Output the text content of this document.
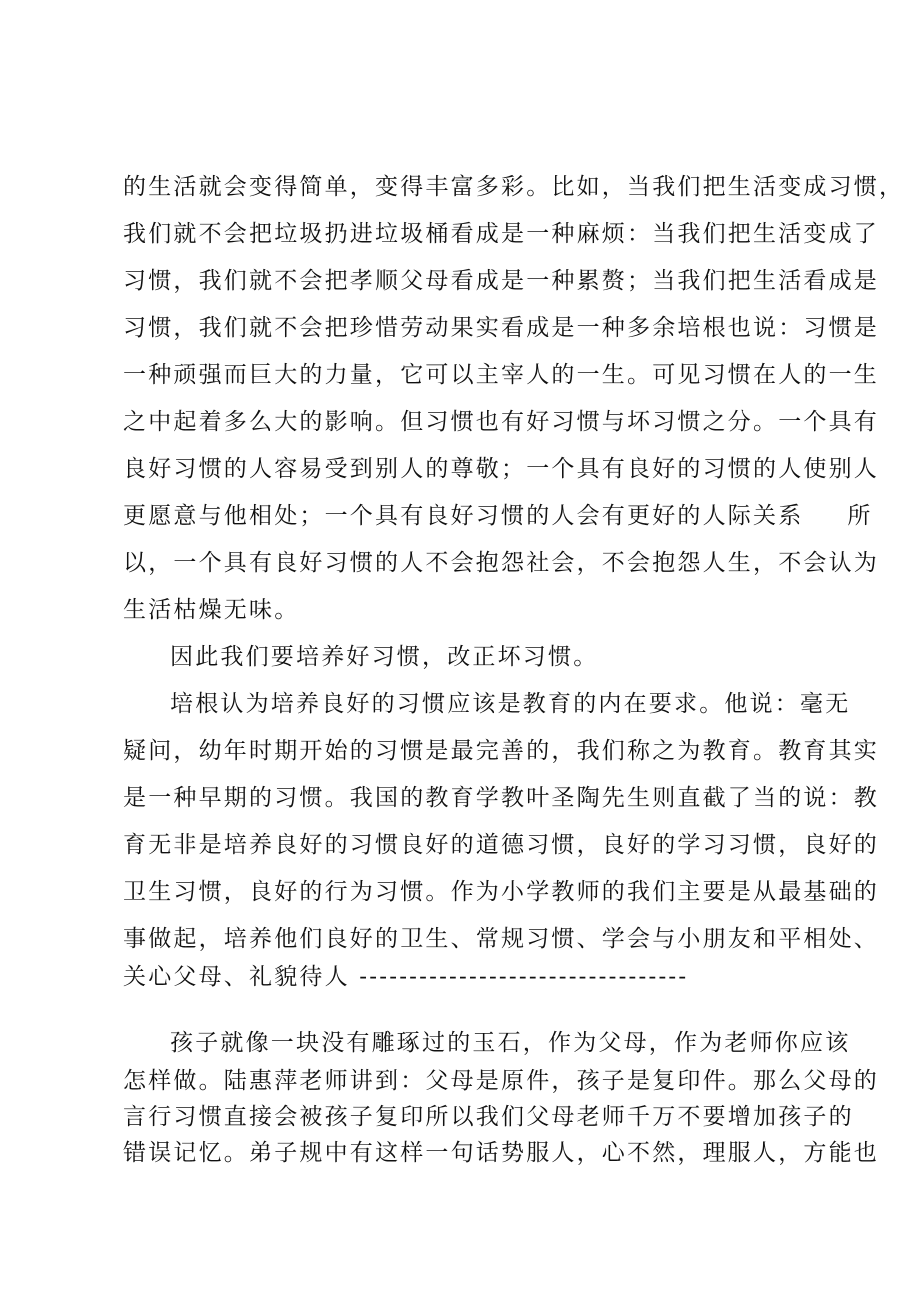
的生活就会变得简单，变得丰富多彩。比如，当我们把生活变成习惯，
我们就不会把垃圾扔进垃圾桶看成是一种麻烦：当我们把生活变成了
习惯，我们就不会把孝顺父母看成是一种累赘；当我们把生活看成是
习惯，我们就不会把珍惜劳动果实看成是一种多余培根也说：习惯是
一种顽强而巨大的力量，它可以主宰人的一生。可见习惯在人的一生
之中起着多么大的影响。但习惯也有好习惯与坏习惯之分。一个具有
良好习惯的人容易受到别人的尊敬；一个具有良好的习惯的人使别人
更愿意与他相处；一个具有良好习惯的人会有更好的人际关系 所
以，一个具有良好习惯的人不会抱怨社会，不会抱怨人生，不会认为
生活枯燥无味。
因此我们要培养好习惯，改正坏习惯。
培根认为培养良好的习惯应该是教育的内在要求。他说：毫无
疑问，幼年时期开始的习惯是最完善的，我们称之为教育。教育其实
是一种早期的习惯。我国的教育学教叶圣陶先生则直截了当的说：教
育无非是培养良好的习惯良好的道德习惯，良好的学习习惯，良好的
卫生习惯，良好的行为习惯。作为小学教师的我们主要是从最基础的
事做起，培养他们良好的卫生、常规习惯、学会与小朋友和平相处、
关心父母、礼貌待人 ---------------------------------
孩子就像一块没有雕琢过的玉石，作为父母，作为老师你应该
怎样做。陆惠萍老师讲到：父母是原件，孩子是复印件。那么父母的
言行习惯直接会被孩子复印所以我们父母老师千万不要增加孩子的
错误记忆。弟子规中有这样一句话势服人，心不然，理服人，方能也
